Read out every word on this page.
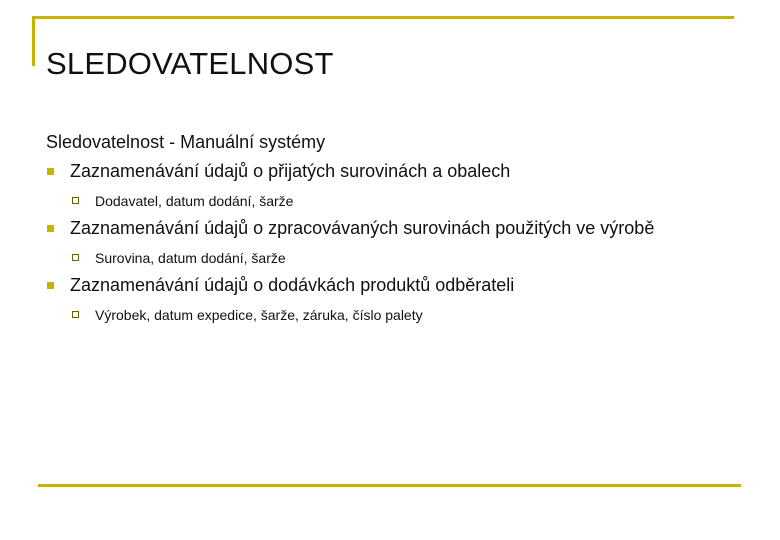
SLEDOVATELNOST
Sledovatelnost - Manuální systémy
Zaznamenávání údajů o přijatých surovinách a obalech
Dodavatel, datum dodání, šarže
Zaznamenávání údajů o zpracovávaných surovinách použitých ve výrobě
Surovina, datum dodání, šarže
Zaznamenávání údajů o dodávkách produktů odběrateli
Výrobek, datum expedice, šarže, záruka, číslo palety
